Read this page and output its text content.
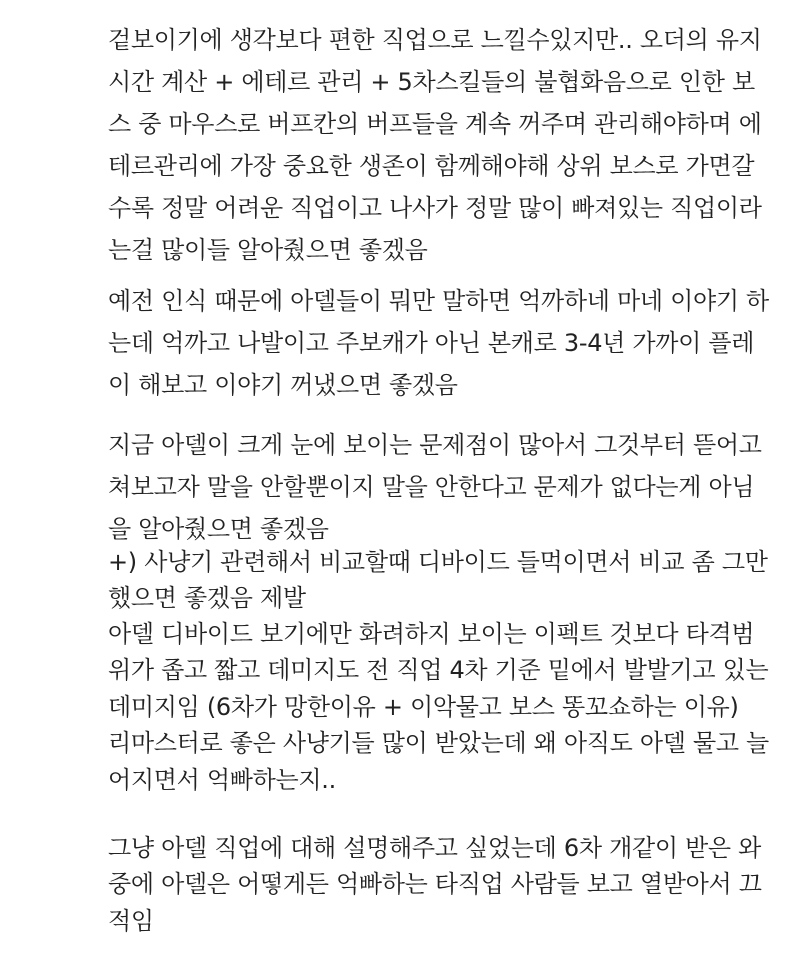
겉보이기에 생각보다 편한 직업으로 느낄수있지만.. 오더의 유지
시간 계산 + 에테르 관리 + 5차스킬들의 불협화음으로 인한 보
스 중 마우스로 버프칸의 버프들을 계속 꺼주며 관리해야하며 에
테르관리에 가장 중요한 생존이 함께해야해 상위 보스로 가면갈
수록 정말 어려운 직업이고 나사가 정말 많이 빠져있는 직업이라
는걸 많이들 알아줬으면 좋겠음
예전 인식 때문에 아델들이 뭐만 말하면 억까하네 마네 이야기 하
는데 억까고 나발이고 주보캐가 아닌 본캐로 3-4년 가까이 플레
이 해보고 이야기 꺼냈으면 좋겠음
지금 아델이 크게 눈에 보이는 문제점이 많아서 그것부터 뜯어고
쳐보고자 말을 안할뿐이지 말을 안한다고 문제가 없다는게 아님
을 알아줬으면 좋겠음
+) 사냥기 관련해서 비교할때 디바이드 들먹이면서 비교 좀 그만
했으면 좋겠음 제발
아델 디바이드 보기에만 화려하지 보이는 이펙트 것보다 타격범
위가 좁고 짧고 데미지도 전 직업 4차 기준 밑에서 발발기고 있는
데미지임 (6차가 망한이유 + 이악물고 보스 똥꼬쇼하는 이유)
리마스터로 좋은 사냥기들 많이 받았는데 왜 아직도 아델 물고 늘
어지면서 억빠하는지..
그냥 아델 직업에 대해 설명해주고 싶었는데 6차 개같이 받은 와
중에 아델은 어떻게든 억빠하는 타직업 사람들 보고 열받아서 끄
적임
